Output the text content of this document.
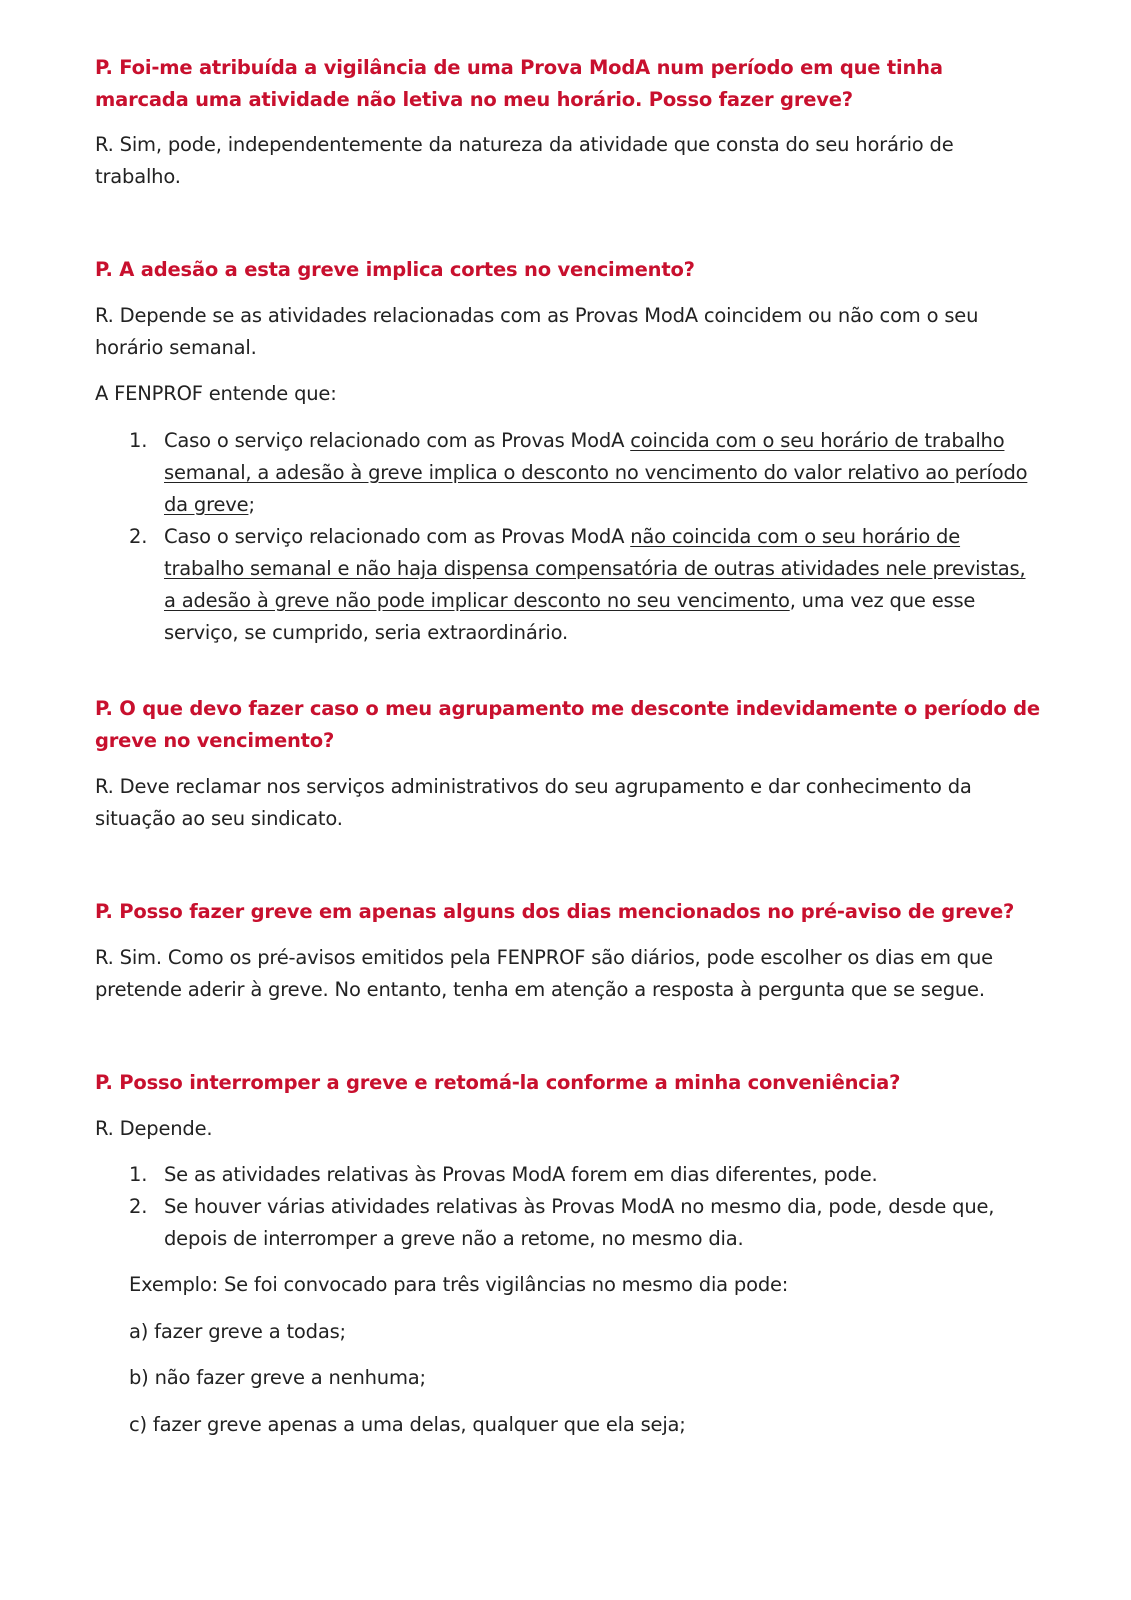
P. Foi-me atribuída a vigilância de uma Prova ModA num período em que tinha marcada uma atividade não letiva no meu horário. Posso fazer greve?

R. Sim, pode, independentemente da natureza da atividade que consta do seu horário de trabalho.

P. A adesão a esta greve implica cortes no vencimento?

R. Depende se as atividades relacionadas com as Provas ModA coincidem ou não com o seu horário semanal.

A FENPROF entende que:

1. Caso o serviço relacionado com as Provas ModA coincida com o seu horário de trabalho semanal, a adesão à greve implica o desconto no vencimento do valor relativo ao período da greve;
2. Caso o serviço relacionado com as Provas ModA não coincida com o seu horário de trabalho semanal e não haja dispensa compensatória de outras atividades nele previstas, a adesão à greve não pode implicar desconto no seu vencimento, uma vez que esse serviço, se cumprido, seria extraordinário.

P. O que devo fazer caso o meu agrupamento me desconte indevidamente o período de greve no vencimento?

R. Deve reclamar nos serviços administrativos do seu agrupamento e dar conhecimento da situação ao seu sindicato.

P. Posso fazer greve em apenas alguns dos dias mencionados no pré-aviso de greve?

R. Sim. Como os pré-avisos emitidos pela FENPROF são diários, pode escolher os dias em que pretende aderir à greve. No entanto, tenha em atenção a resposta à pergunta que se segue.

P. Posso interromper a greve e retomá-la conforme a minha conveniência?

R. Depende.

1. Se as atividades relativas às Provas ModA forem em dias diferentes, pode.
2. Se houver várias atividades relativas às Provas ModA no mesmo dia, pode, desde que, depois de interromper a greve não a retome, no mesmo dia.

Exemplo: Se foi convocado para três vigilâncias no mesmo dia pode:

a) fazer greve a todas;

b) não fazer greve a nenhuma;

c) fazer greve apenas a uma delas, qualquer que ela seja;
